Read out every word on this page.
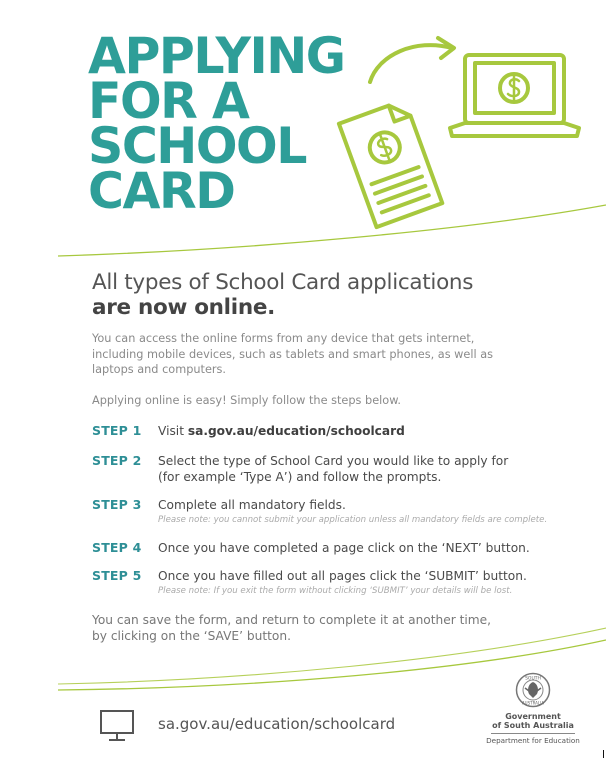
APPLYING
FOR A
SCHOOL
CARD
All types of School Card applications
are now online.

You can access the online forms from any device that gets internet, including mobile devices, such as tablets and smart phones, as well as laptops and computers.

Applying online is easy! Simply follow the steps below.

STEP 1	Visit sa.gov.au/education/schoolcard
STEP 2	Select the type of School Card you would like to apply for
(for example ‘Type A’) and follow the prompts.
STEP 3	Complete all mandatory fields.
Please note: you cannot submit your application unless all mandatory fields are complete.
STEP 4	Once you have completed a page click on the ‘NEXT’ button.
STEP 5	Once you have filled out all pages click the ‘SUBMIT’ button.
Please note: If you exit the form without clicking ‘SUBMIT’ your details will be lost.
You can save the form, and return to complete it at another time,
by clicking on the ‘SAVE’ button.
sa.gov.au/education/schoolcard
SOUTH
AUSTRALIA
Government
of South Australia
Department for Education
